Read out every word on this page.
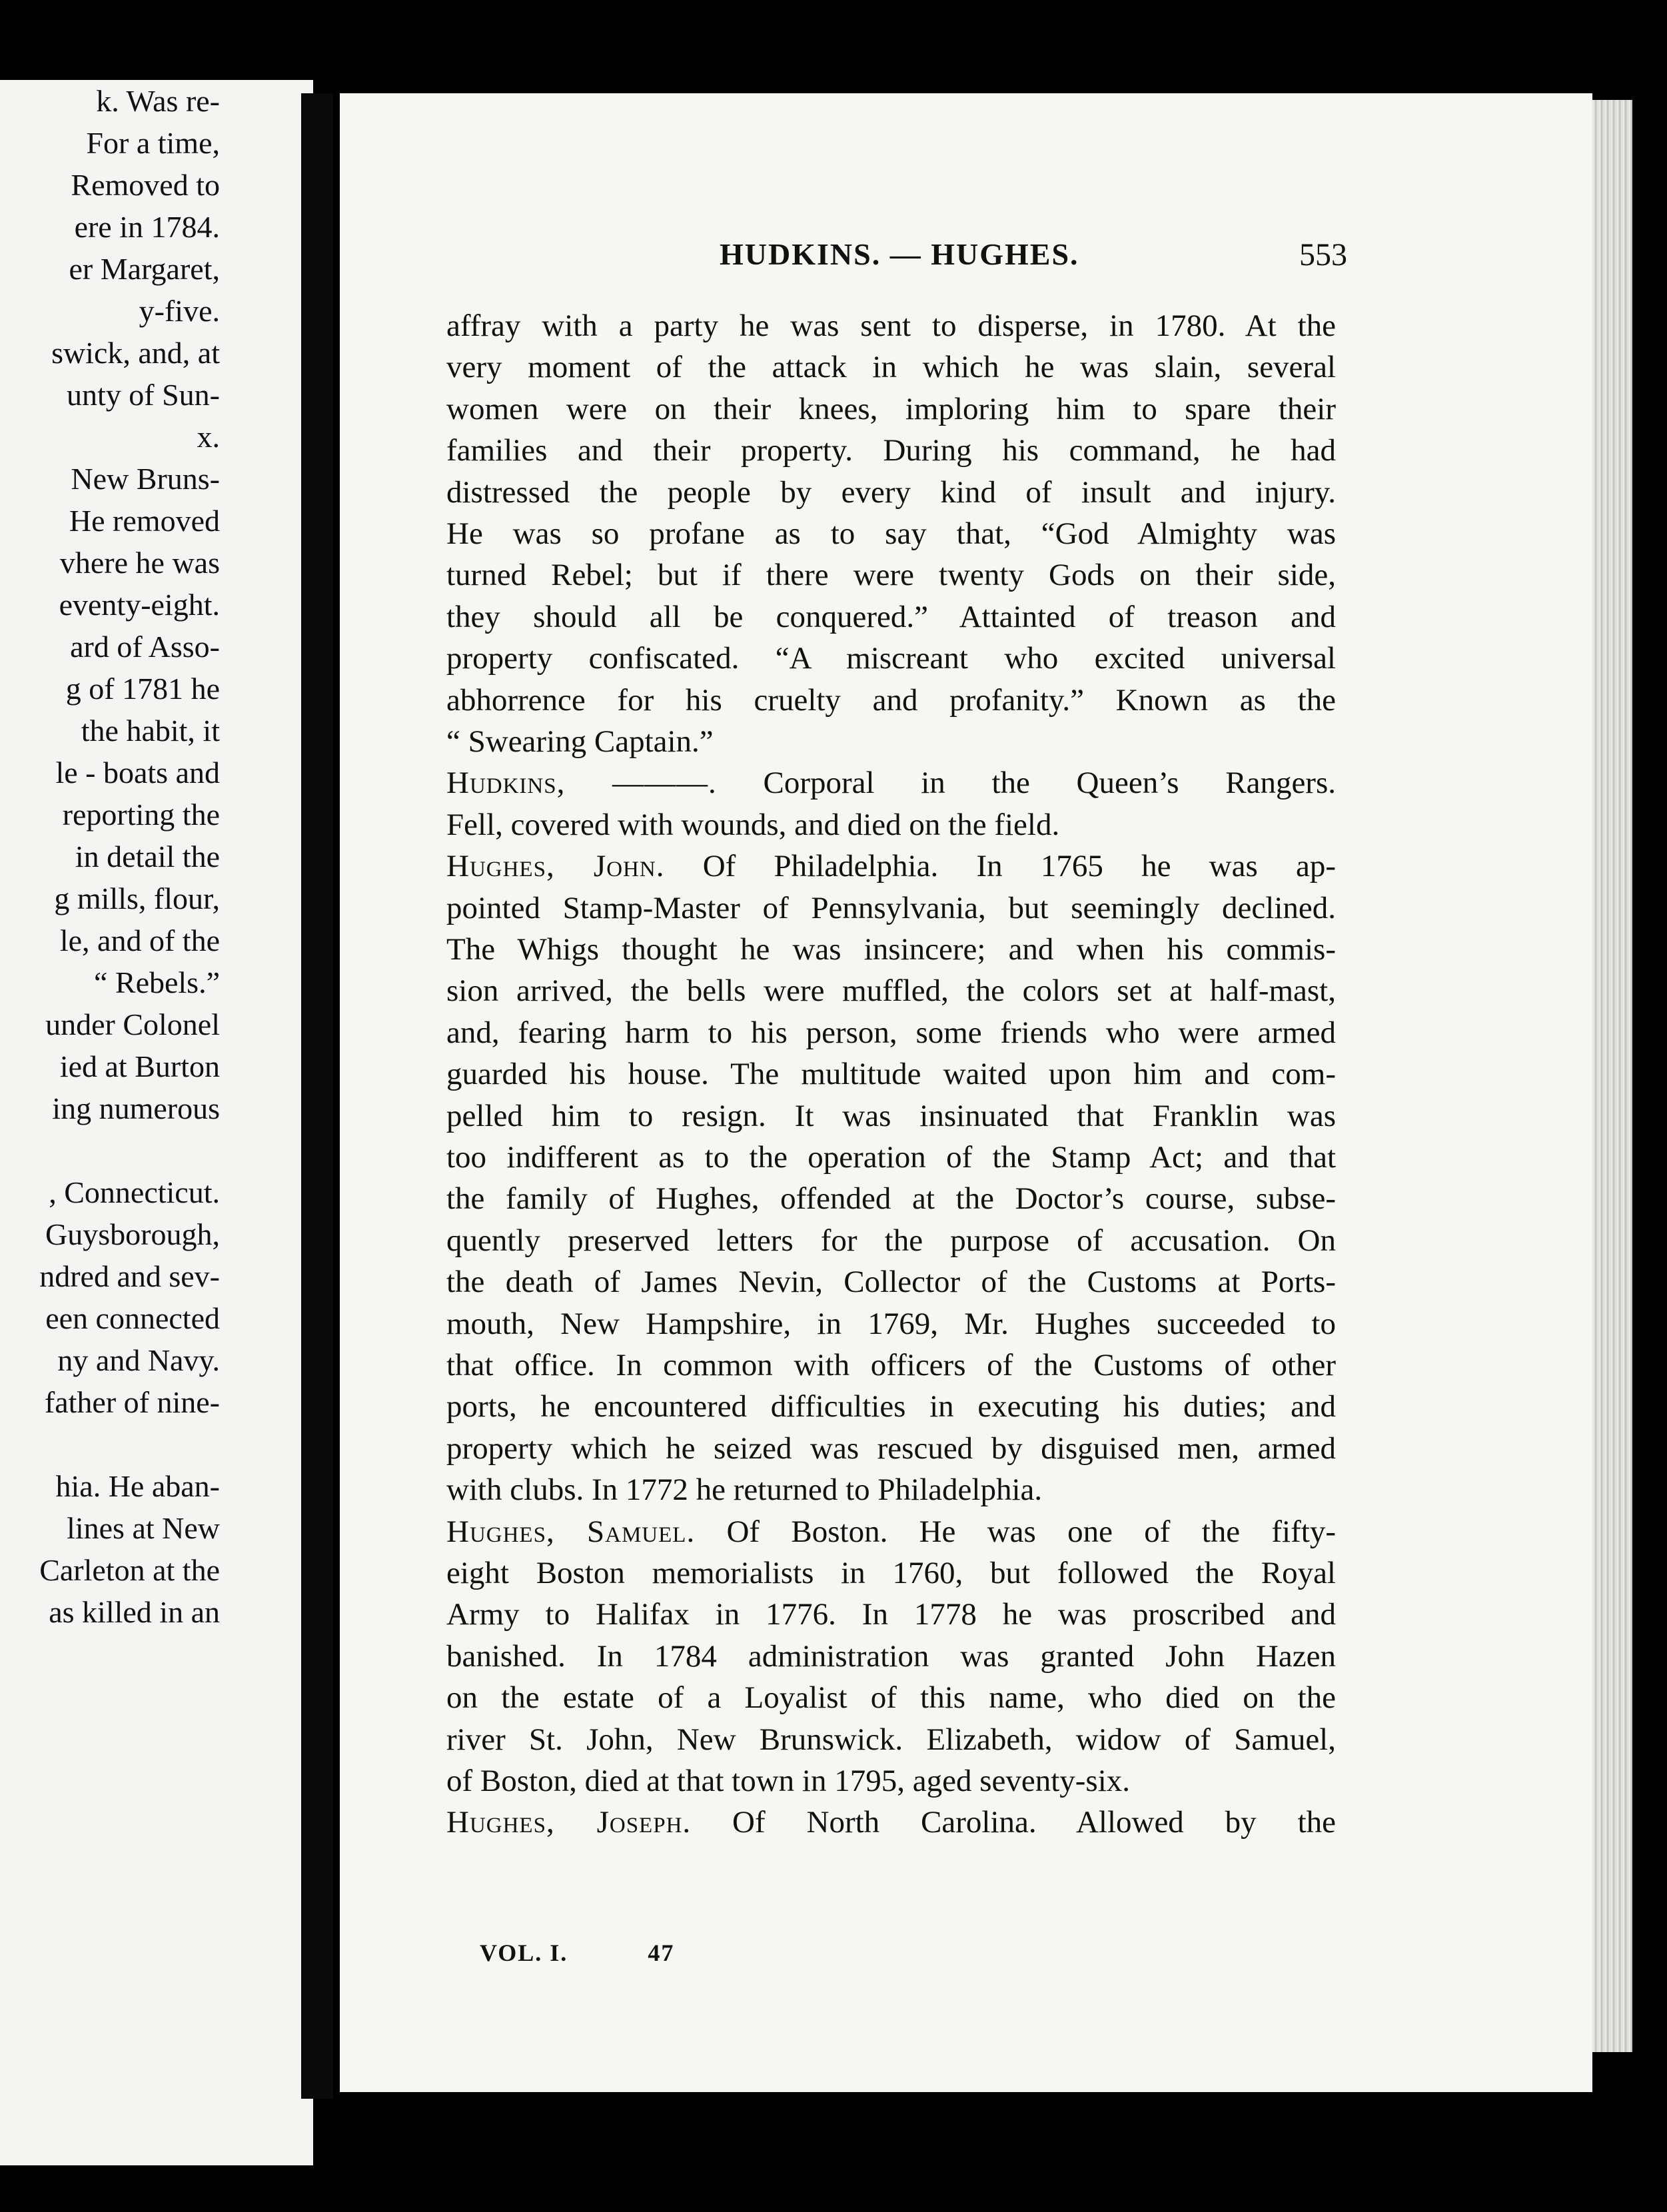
k. Was re-
For a time,
Removed to
ere in 1784.
er Margaret,
y-five.
swick, and, at
unty of Sun-
x.
New Bruns-
He removed
vhere he was
eventy-eight.
ard of Asso-
g of 1781 he
the habit, it
le - boats and
reporting the
in detail the
g mills, flour,
le, and of the
“ Rebels.”
under Colonel
ied at Burton
ing numerous
, Connecticut.
Guysborough,
ndred and sev-
een connected
ny and Navy.
father of nine-
hia. He aban-
lines at New
Carleton at the
as killed in an
HUDKINS. — HUGHES.	553
affray with a party he was sent to disperse, in 1780. At the
very moment of the attack in which he was slain, several
women were on their knees, imploring him to spare their
families and their property. During his command, he had
distressed the people by every kind of insult and injury.
He was so profane as to say that, “God Almighty was
turned Rebel; but if there were twenty Gods on their side,
they should all be conquered.” Attainted of treason and
property confiscated. “A miscreant who excited universal
abhorrence for his cruelty and profanity.” Known as the
“ Swearing Captain.”
Hudkins, ———. Corporal in the Queen’s Rangers.
Fell, covered with wounds, and died on the field.
Hughes, John. Of Philadelphia. In 1765 he was ap-
pointed Stamp-Master of Pennsylvania, but seemingly declined.
The Whigs thought he was insincere; and when his commis-
sion arrived, the bells were muffled, the colors set at half-mast,
and, fearing harm to his person, some friends who were armed
guarded his house. The multitude waited upon him and com-
pelled him to resign. It was insinuated that Franklin was
too indifferent as to the operation of the Stamp Act; and that
the family of Hughes, offended at the Doctor’s course, subse-
quently preserved letters for the purpose of accusation. On
the death of James Nevin, Collector of the Customs at Ports-
mouth, New Hampshire, in 1769, Mr. Hughes succeeded to
that office. In common with officers of the Customs of other
ports, he encountered difficulties in executing his duties; and
property which he seized was rescued by disguised men, armed
with clubs. In 1772 he returned to Philadelphia.
Hughes, Samuel. Of Boston. He was one of the fifty-
eight Boston memorialists in 1760, but followed the Royal
Army to Halifax in 1776. In 1778 he was proscribed and
banished. In 1784 administration was granted John Hazen
on the estate of a Loyalist of this name, who died on the
river St. John, New Brunswick. Elizabeth, widow of Samuel,
of Boston, died at that town in 1795, aged seventy-six.
Hughes, Joseph. Of North Carolina. Allowed by the
VOL. I.	47
